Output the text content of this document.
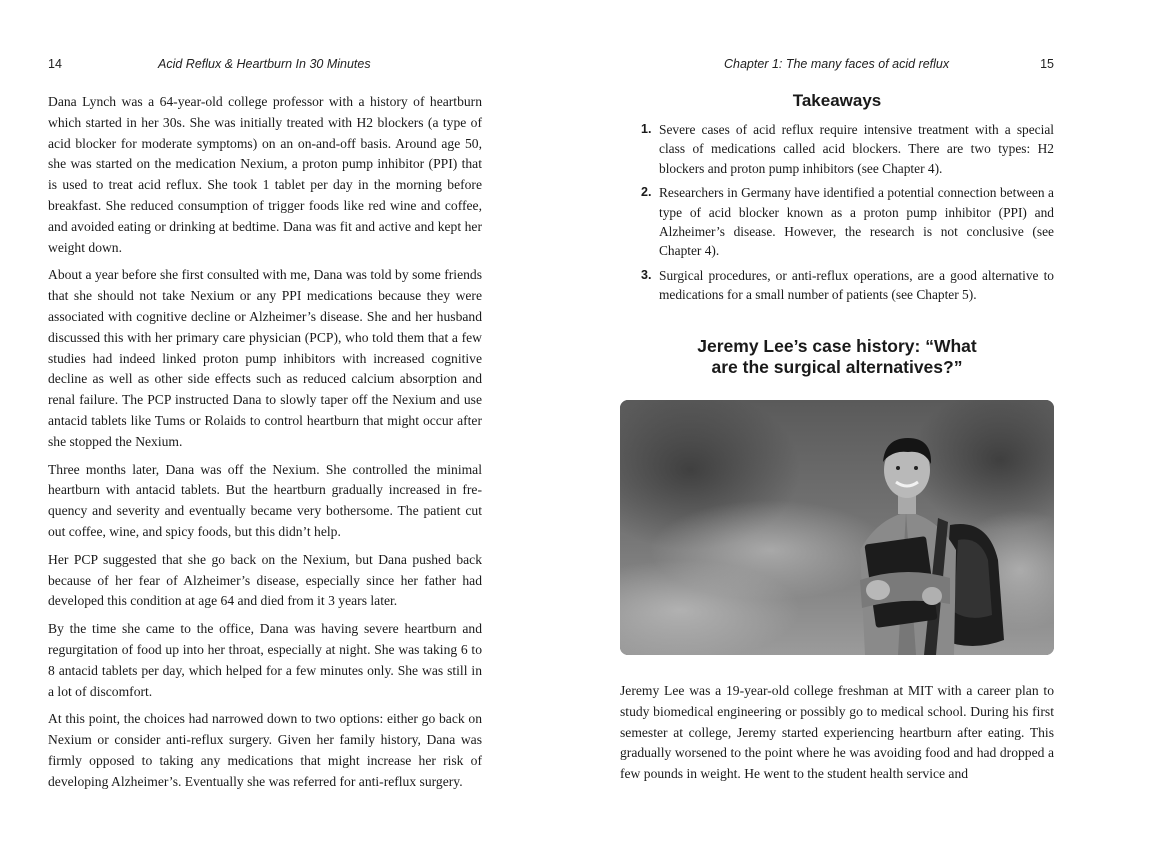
14	Acid Reflux & Heartburn In 30 Minutes

Dana Lynch was a 64-year-old college professor with a history of heartburn which started in her 30s. She was initially treated with H2 blockers (a type of acid blocker for moderate symptoms) on an on-and-off basis. Around age 50, she was started on the medication Nexium, a proton pump inhibitor (PPI) that is used to treat acid reflux. She took 1 tablet per day in the morning before breakfast. She reduced consumption of trigger foods like red wine and coffee, and avoided eating or drinking at bedtime. Dana was fit and active and kept her weight down.

About a year before she first consulted with me, Dana was told by some friends that she should not take Nexium or any PPI medications because they were associated with cognitive decline or Alzheimer’s disease. She and her husband discussed this with her primary care physician (PCP), who told them that a few studies had indeed linked proton pump inhibitors with increased cognitive decline as well as other side effects such as reduced calcium absorption and renal failure. The PCP instructed Dana to slowly taper off the Nexium and use antacid tablets like Tums or Rolaids to control heartburn that might occur after she stopped the Nexium.

Three months later, Dana was off the Nexium. She controlled the minimal heartburn with antacid tablets. But the heartburn gradually increased in frequency and severity and eventually became very bothersome. The patient cut out coffee, wine, and spicy foods, but this didn’t help.

Her PCP suggested that she go back on the Nexium, but Dana pushed back because of her fear of Alzheimer’s disease, especially since her father had developed this condition at age 64 and died from it 3 years later.

By the time she came to the office, Dana was having severe heartburn and regurgitation of food up into her throat, especially at night. She was taking 6 to 8 antacid tablets per day, which helped for a few minutes only. She was still in a lot of discomfort.

At this point, the choices had narrowed down to two options: either go back on Nexium or consider anti-reflux surgery. Given her family history, Dana was firmly opposed to taking any medications that might increase her risk of developing Alzheimer’s. Eventually she was referred for anti-reflux surgery.

Chapter 1: The many faces of acid reflux	15
Takeaways
1. Severe cases of acid reflux require intensive treatment with a special class of medications called acid blockers. There are two types: H2 blockers and proton pump inhibitors (see Chapter 4).
2. Researchers in Germany have identified a potential connection between a type of acid blocker known as a proton pump inhibitor (PPI) and Alzheimer’s disease. However, the research is not conclusive (see Chapter 4).
3. Surgical procedures, or anti-reflux operations, are a good alternative to medications for a small number of patients (see Chapter 5).
Jeremy Lee’s case history: “What
are the surgical alternatives?”

Jeremy Lee was a 19-year-old college freshman at MIT with a career plan to study biomedical engineering or possibly go to medical school. During his first semester at college, Jeremy started experiencing heartburn after eating. This gradually worsened to the point where he was avoiding food and had dropped a few pounds in weight. He went to the student health service and
